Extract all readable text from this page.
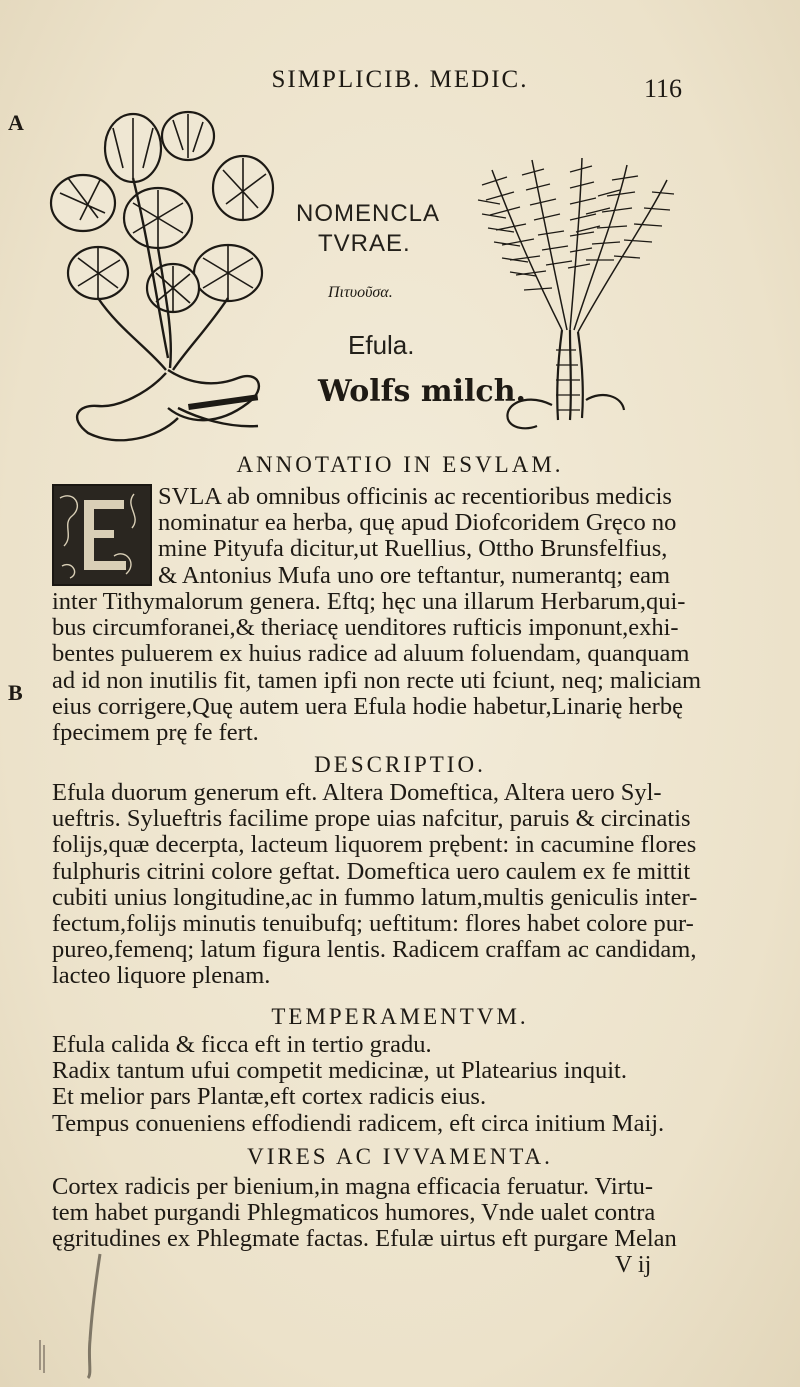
SIMPLICIB. MEDIC.	116
A
B
NOMENCLA
TVRAE.
Πιτυοῦσα.
Efula.
Wolfs milch.
ANNOTATIO IN ESVLAM.
SVLA ab omnibus officinis ac recentioribus medicis
nominatur ea herba, quę apud Diofcoridem Gręco no
mine Pityufa dicitur,ut Ruellius, Ottho Brunsfelfius,
& Antonius Mufa uno ore teftantur, numerantq; eam
inter Tithymalorum genera. Eftq; hęc una illarum Herbarum,qui-
bus circumforanei,& theriacę uenditores rufticis imponunt,exhi-
bentes puluerem ex huius radice ad aluum foluendam, quanquam
ad id non inutilis fit, tamen ipfi non recte uti fciunt, neq; maliciam
eius corrigere,Quę autem uera Efula hodie habetur,Linarię herbę
fpecimem prę fe fert.
DESCRIPTIO.
Efula duorum generum eft. Altera Domeftica, Altera uero Syl-
ueftris. Sylueftris facilime prope uias nafcitur, paruis & circinatis
folijs,quæ decerpta, lacteum liquorem prębent: in cacumine flores
fulphuris citrini colore geftat. Domeftica uero caulem ex fe mittit
cubiti unius longitudine,ac in fummo latum,multis geniculis inter-
fectum,folijs minutis tenuibufq; ueftitum: flores habet colore pur-
pureo,femenq; latum figura lentis. Radicem craffam ac candidam,
lacteo liquore plenam.
TEMPERAMENTVM.
Efula calida & ficca eft in tertio gradu.
Radix tantum ufui competit medicinæ, ut Platearius inquit.
Et melior pars Plantæ,eft cortex radicis eius.
Tempus conueniens effodiendi radicem, eft circa initium Maij.
VIRES AC IVVAMENTA.
Cortex radicis per bienium,in magna efficacia feruatur. Virtu-
tem habet purgandi Phlegmaticos humores, Vnde ualet contra
ęgritudines ex Phlegmate factas. Efulæ uirtus eft purgare Melan
V ij
